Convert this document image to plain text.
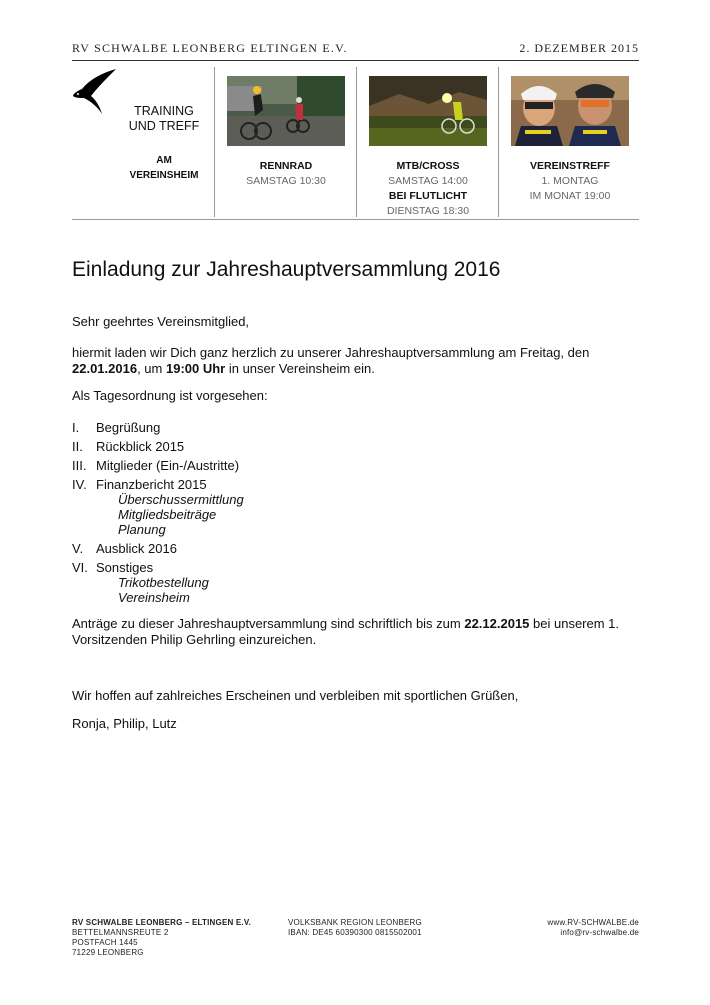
RV SCHWALBE LEONBERG ELTINGEN E.V.	2. DEZEMBER 2015
TRAINING
UND TREFF
AM
VEREINSHEIM
RENNRAD
SAMSTAG 10:30
MTB/CROSS
SAMSTAG 14:00
BEI FLUTLICHT
DIENSTAG 18:30
VEREINSTREFF
1. MONTAG
IM MONAT 19:00
Einladung zur Jahreshauptversammlung 2016
Sehr geehrtes Vereinsmitglied,
hiermit laden wir Dich ganz herzlich zu unserer Jahreshauptversammlung am Freitag, den
22.01.2016, um 19:00 Uhr in unser Vereinsheim ein.
Als Tagesordnung ist vorgesehen:
I. Begrüßung
II. Rückblick 2015
III. Mitglieder (Ein-/Austritte)
IV. Finanzbericht 2015
Überschussermittlung
Mitgliedsbeiträge
Planung
V. Ausblick 2016
VI. Sonstiges
Trikotbestellung
Vereinsheim
Anträge zu dieser Jahreshauptversammlung sind schriftlich bis zum 22.12.2015 bei unserem 1.
Vorsitzenden Philip Gehrling einzureichen.
Wir hoffen auf zahlreiches Erscheinen und verbleiben mit sportlichen Grüßen,
Ronja, Philip, Lutz
RV SCHWALBE LEONBERG – ELTINGEN E.V.
BETTELMANNSREUTE 2
POSTFACH 1445
71229 LEONBERG
VOLKSBANK REGION LEONBERG
IBAN: DE45 60390300 0815502001
www.RV-SCHWALBE.de
info@rv-schwalbe.de
